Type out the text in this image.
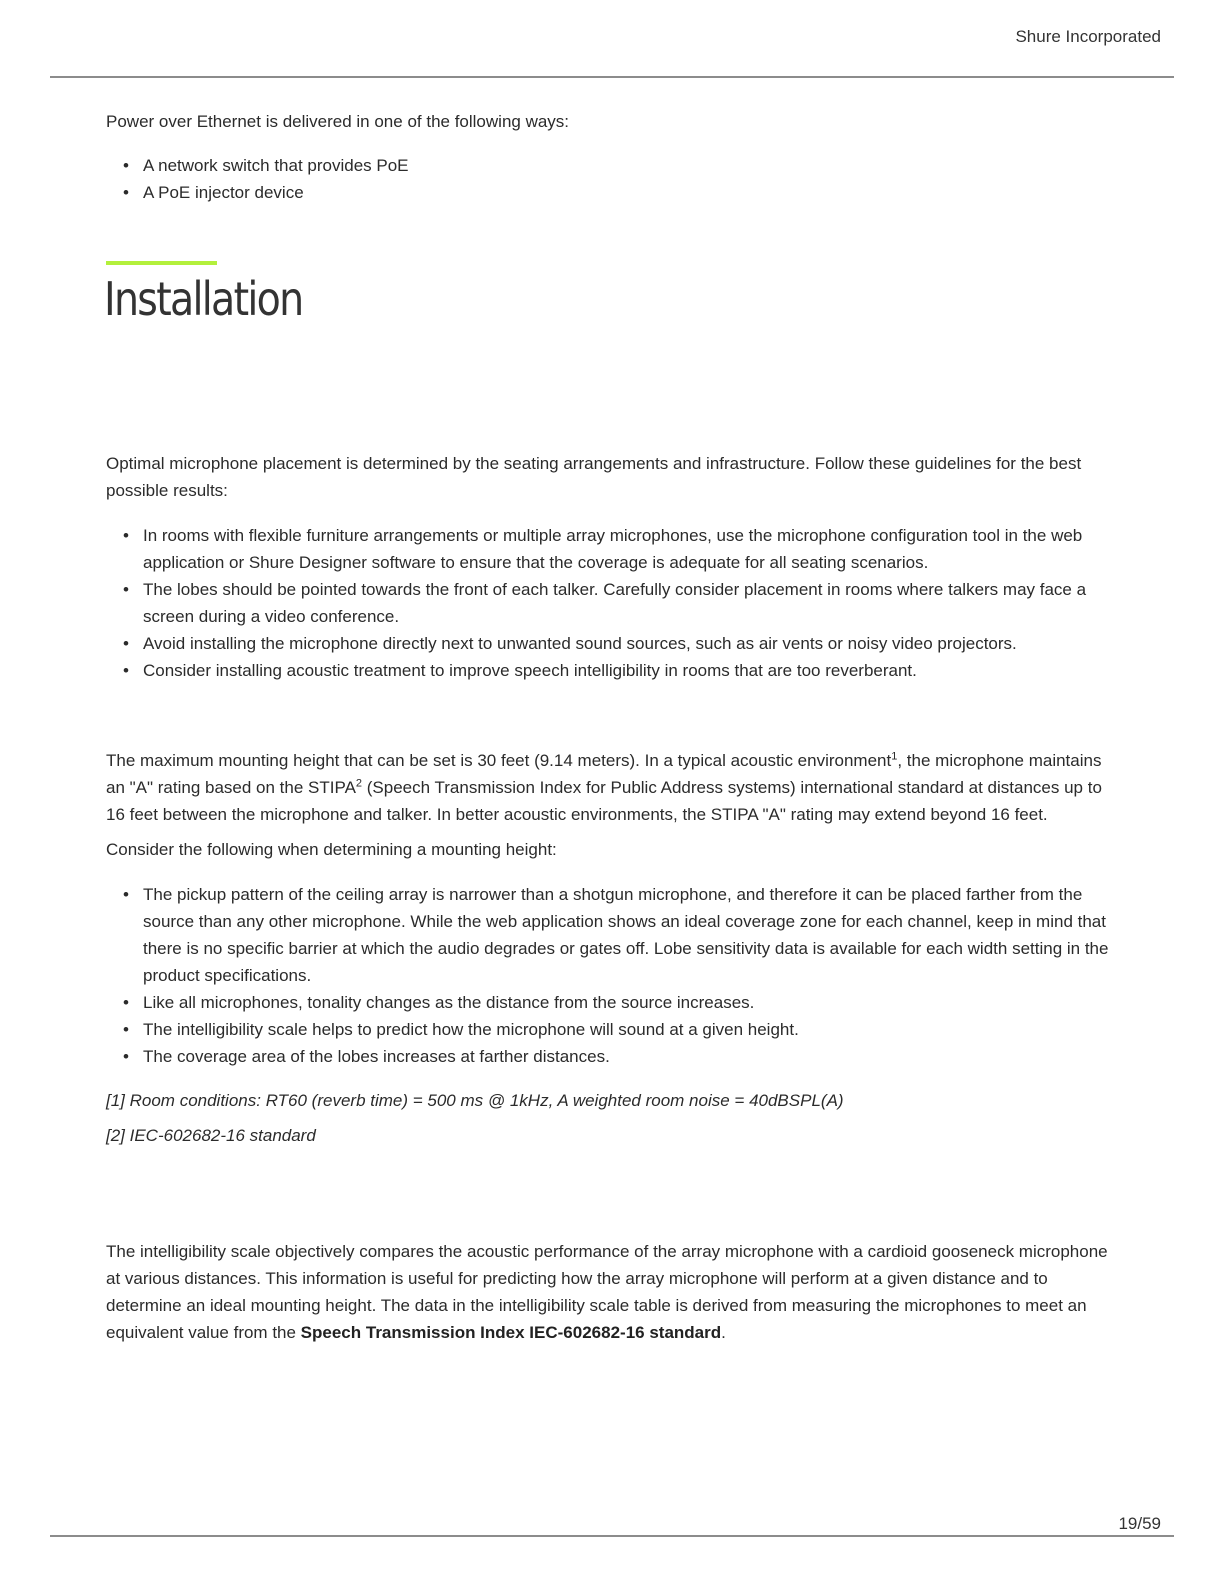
Shure Incorporated

Power over Ethernet is delivered in one of the following ways:

• A network switch that provides PoE
• A PoE injector device
Installation

Optimal microphone placement is determined by the seating arrangements and infrastructure. Follow these guidelines for the best possible results:

• In rooms with flexible furniture arrangements or multiple array microphones, use the microphone configuration tool in the web application or Shure Designer software to ensure that the coverage is adequate for all seating scenarios.
• The lobes should be pointed towards the front of each talker. Carefully consider placement in rooms where talkers may face a screen during a video conference.
• Avoid installing the microphone directly next to unwanted sound sources, such as air vents or noisy video projectors.
• Consider installing acoustic treatment to improve speech intelligibility in rooms that are too reverberant.

The maximum mounting height that can be set is 30 feet (9.14 meters). In a typical acoustic environment$^1$, the microphone maintains an "A" rating based on the STIPA$^2$ (Speech Transmission Index for Public Address systems) international standard at distances up to 16 feet between the microphone and talker. In better acoustic environments, the STIPA "A" rating may extend beyond 16 feet.

Consider the following when determining a mounting height:

• The pickup pattern of the ceiling array is narrower than a shotgun microphone, and therefore it can be placed farther from the source than any other microphone. While the web application shows an ideal coverage zone for each channel, keep in mind that there is no specific barrier at which the audio degrades or gates off. Lobe sensitivity data is available for each width setting in the product specifications.
• Like all microphones, tonality changes as the distance from the source increases.
• The intelligibility scale helps to predict how the microphone will sound at a given height.
• The coverage area of the lobes increases at farther distances.

[1] Room conditions: RT60 (reverb time) = 500 ms @ 1kHz, A weighted room noise = 40dBSPL(A)

[2] IEC-602682-16 standard

The intelligibility scale objectively compares the acoustic performance of the array microphone with a cardioid gooseneck microphone at various distances. This information is useful for predicting how the array microphone will perform at a given distance and to determine an ideal mounting height. The data in the intelligibility scale table is derived from measuring the microphones to meet an equivalent value from the Speech Transmission Index IEC-602682-16 standard.

19/59
